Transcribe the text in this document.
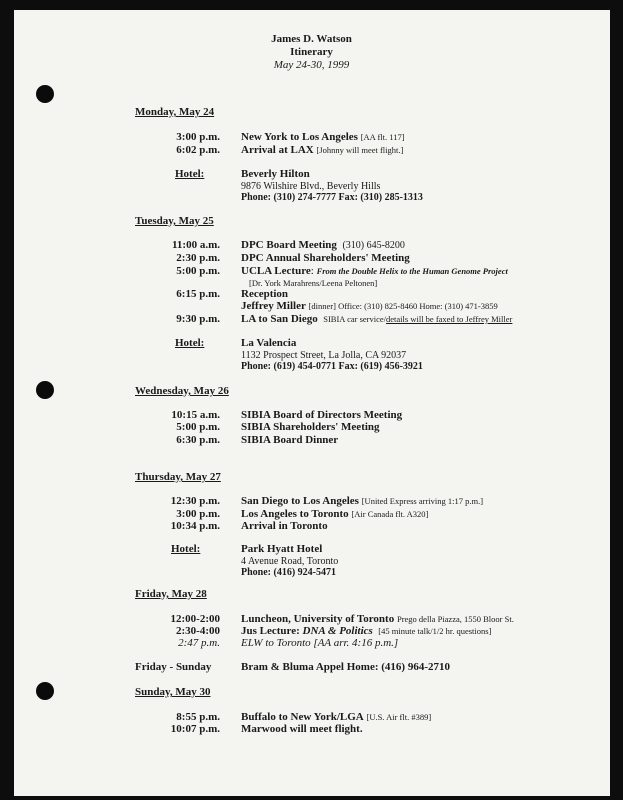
James D. Watson
Itinerary
May 24-30, 1999
Monday, May 24
3:00 p.m. New York to Los Angeles [AA flt. 117]
6:02 p.m. Arrival at LAX [Johnny will meet flight.]
Hotel:	Beverly Hilton
9876 Wilshire Blvd., Beverly Hills
Phone: (310) 274-7777 Fax: (310) 285-1313
Tuesday, May 25
11:00 a.m. DPC Board Meeting (310) 645-8200
2:30 p.m. DPC Annual Shareholders' Meeting
5:00 p.m. UCLA Lecture: From the Double Helix to the Human Genome Project
[Dr. York Marahrens/Leena Peltonen]
6:15 p.m. Reception
Jeffrey Miller [dinner] Office: (310) 825-8460 Home: (310) 471-3859
9:30 p.m. LA to San Diego SIBIA car service/details will be faxed to Jeffrey Miller
Hotel:	La Valencia
1132 Prospect Street, La Jolla, CA 92037
Phone: (619) 454-0771 Fax: (619) 456-3921
Wednesday, May 26
10:15 a.m. SIBIA Board of Directors Meeting
5:00 p.m. SIBIA Shareholders' Meeting
6:30 p.m. SIBIA Board Dinner
Thursday, May 27
12:30 p.m. San Diego to Los Angeles [United Express arriving 1:17 p.m.]
3:00 p.m. Los Angeles to Toronto [Air Canada flt. A320]
10:34 p.m. Arrival in Toronto
Hotel:	Park Hyatt Hotel
4 Avenue Road, Toronto
Phone: (416) 924-5471
Friday, May 28
12:00-2:00 Luncheon, University of Toronto Prego della Piazza, 1550 Bloor St.
2:30-4:00 Jus Lecture: DNA & Politics [45 minute talk/1/2 hr. questions]
2:47 p.m. ELW to Toronto [AA arr. 4:16 p.m.]
Friday - Sunday	Bram & Bluma Appel Home: (416) 964-2710
Sunday, May 30
8:55 p.m. Buffalo to New York/LGA [U.S. Air flt. #389]
10:07 p.m. Marwood will meet flight.
